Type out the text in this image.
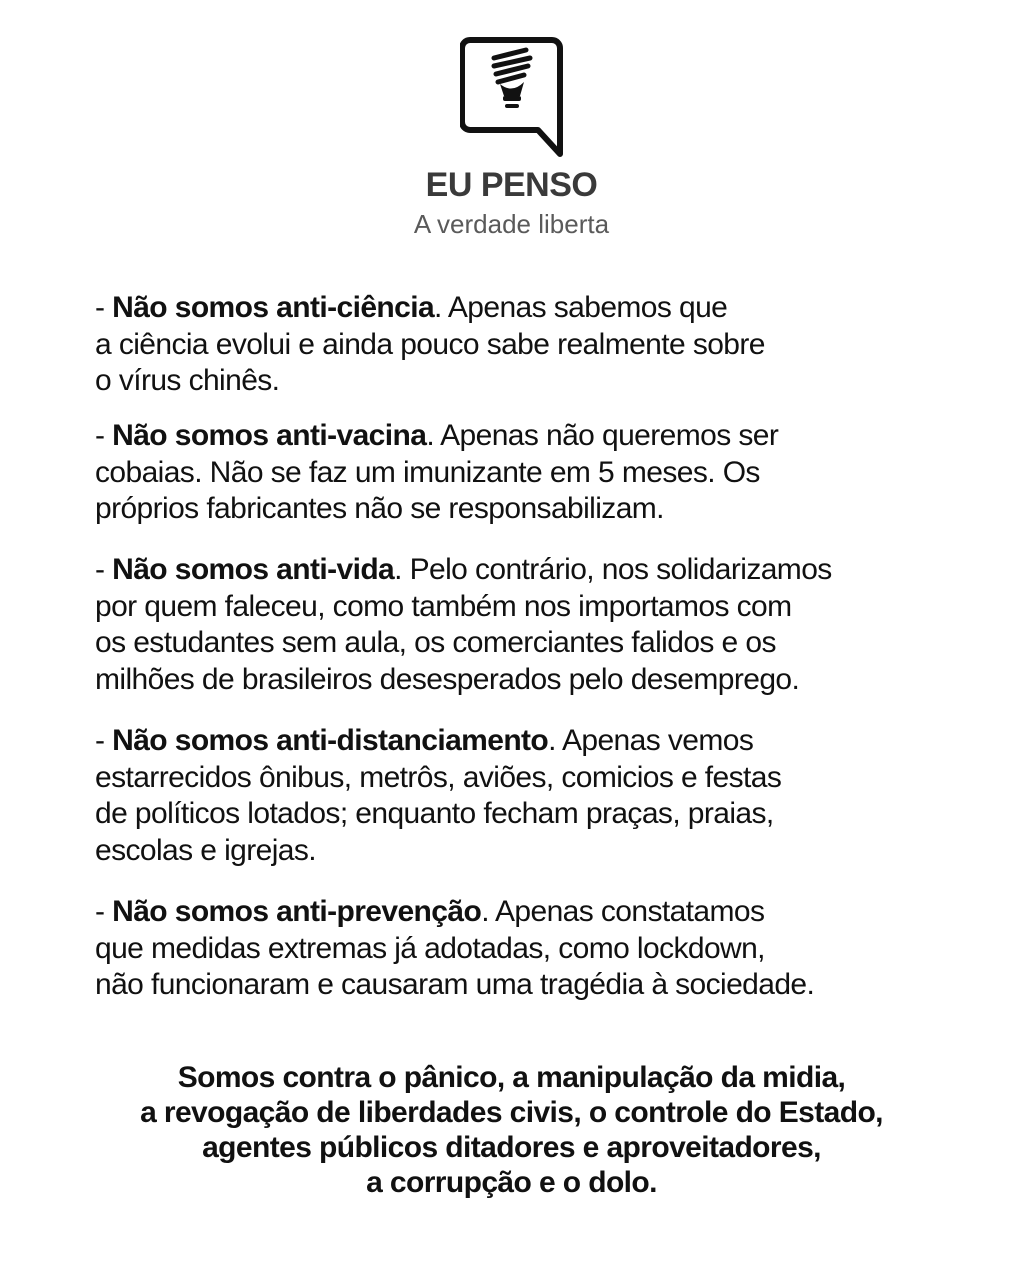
EU PENSO
A verdade liberta
- Não somos anti-ciência. Apenas sabemos que
a ciência evolui e ainda pouco sabe realmente sobre
o vírus chinês.
- Não somos anti-vacina. Apenas não queremos ser
cobaias. Não se faz um imunizante em 5 meses. Os
próprios fabricantes não se responsabilizam.
- Não somos anti-vida. Pelo contrário, nos solidarizamos
por quem faleceu, como também nos importamos com
os estudantes sem aula, os comerciantes falidos e os
milhões de brasileiros desesperados pelo desemprego.
- Não somos anti-distanciamento. Apenas vemos
estarrecidos ônibus, metrôs, aviões, comicios e festas
de políticos lotados; enquanto fecham praças, praias,
escolas e igrejas.
- Não somos anti-prevenção. Apenas constatamos
que medidas extremas já adotadas, como lockdown,
não funcionaram e causaram uma tragédia à sociedade.
Somos contra o pânico, a manipulação da midia,
a revogação de liberdades civis, o controle do Estado,
agentes públicos ditadores e aproveitadores,
a corrupção e o dolo.
